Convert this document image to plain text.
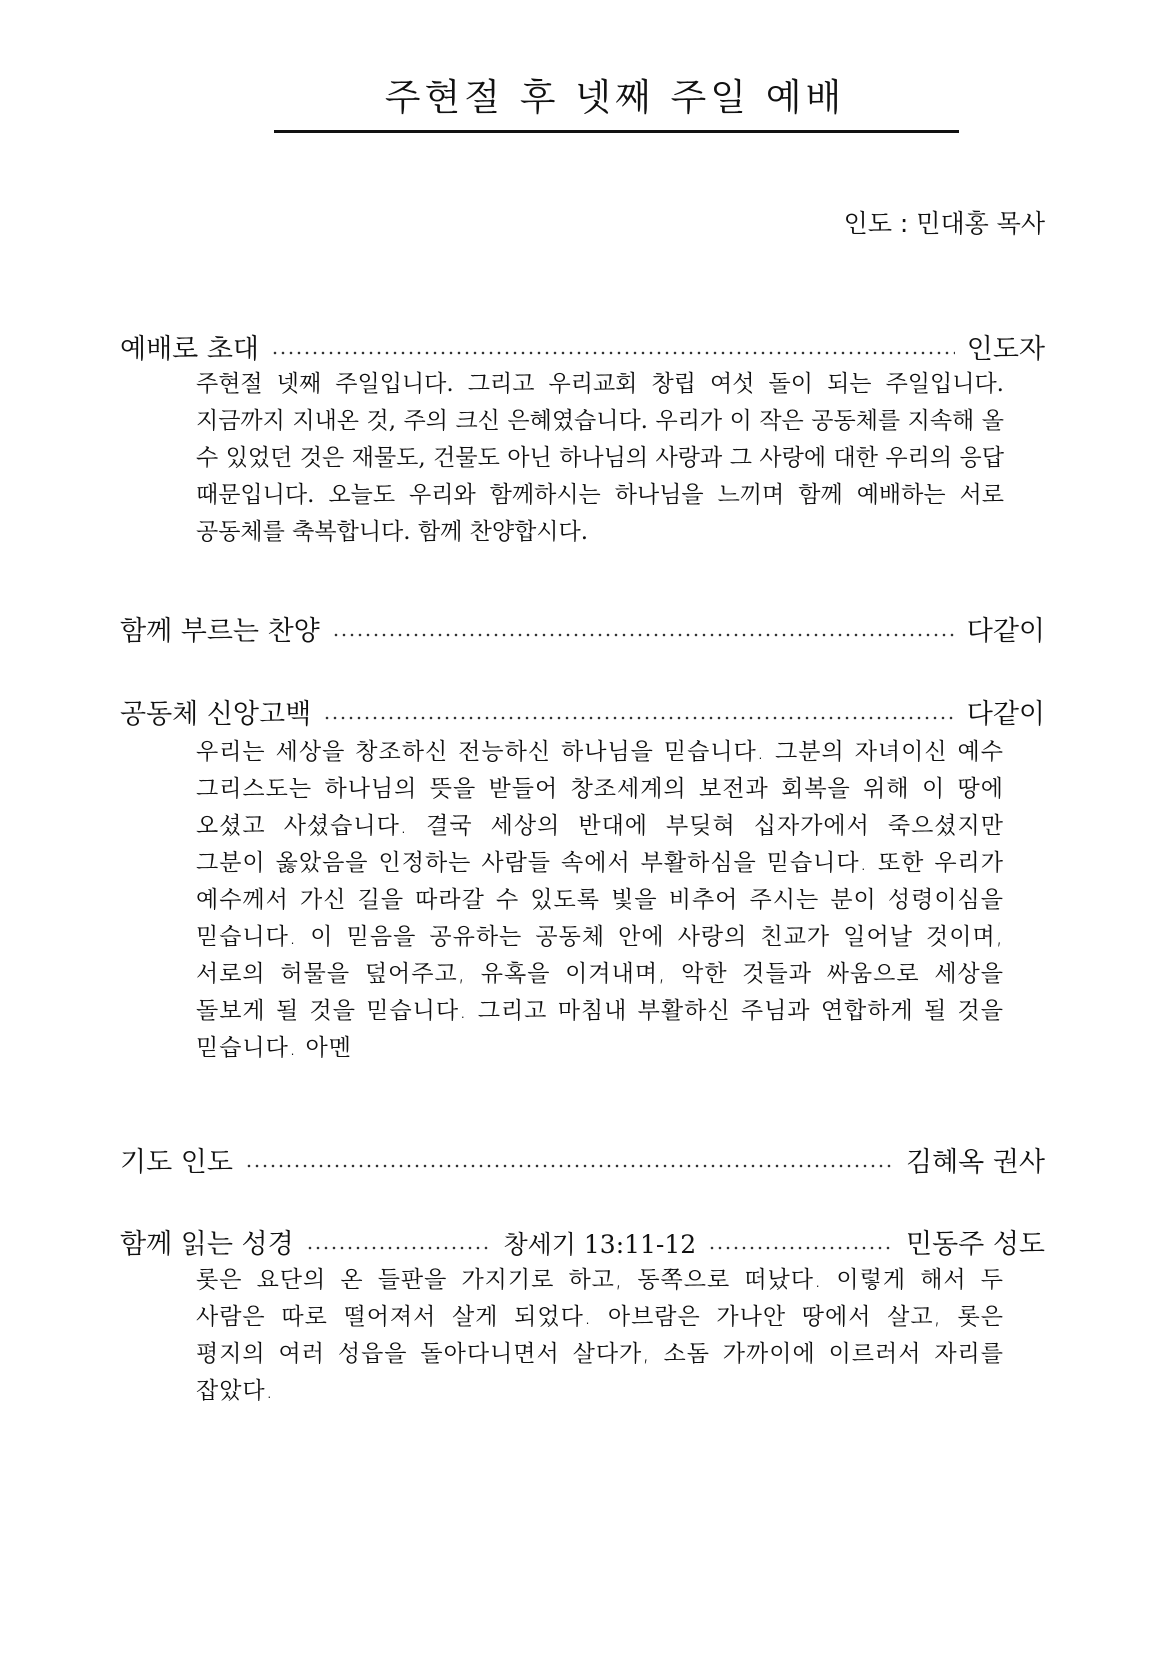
주현절 후 넷째 주일 예배
인도 : 민대홍 목사
예배로 초대	인도자

주현절 넷째 주일입니다. 그리고 우리교회 창립 여섯 돌이 되는 주일입니다. 지금까지 지내온 것, 주의 크신 은혜였습니다. 우리가 이 작은 공동체를 지속해 올 수 있었던 것은 재물도, 건물도 아닌 하나님의 사랑과 그 사랑에 대한 우리의 응답 때문입니다. 오늘도 우리와 함께하시는 하나님을 느끼며 함께 예배하는 서로 공동체를 축복합니다. 함께 찬양합시다.

함께 부르는 찬양	다같이
공동체 신앙고백	다같이

우리는 세상을 창조하신 전능하신 하나님을 믿습니다. 그분의 자녀이신 예수 그리스도는 하나님의 뜻을 받들어 창조세계의 보전과 회복을 위해 이 땅에 오셨고 사셨습니다. 결국 세상의 반대에 부딪혀 십자가에서 죽으셨지만 그분이 옳았음을 인정하는 사람들 속에서 부활하심을 믿습니다. 또한 우리가 예수께서 가신 길을 따라갈 수 있도록 빛을 비추어 주시는 분이 성령이심을 믿습니다. 이 믿음을 공유하는 공동체 안에 사랑의 친교가 일어날 것이며, 서로의 허물을 덮어주고, 유혹을 이겨내며, 악한 것들과 싸움으로 세상을 돌보게 될 것을 믿습니다. 그리고 마침내 부활하신 주님과 연합하게 될 것을 믿습니다. 아멘

기도 인도	김혜옥 권사
함께 읽는 성경	창세기 13:11-12	민동주 성도

롯은 요단의 온 들판을 가지기로 하고, 동쪽으로 떠났다. 이렇게 해서 두 사람은 따로 떨어져서 살게 되었다. 아브람은 가나안 땅에서 살고, 롯은 평지의 여러 성읍을 돌아다니면서 살다가, 소돔 가까이에 이르러서 자리를 잡았다.
